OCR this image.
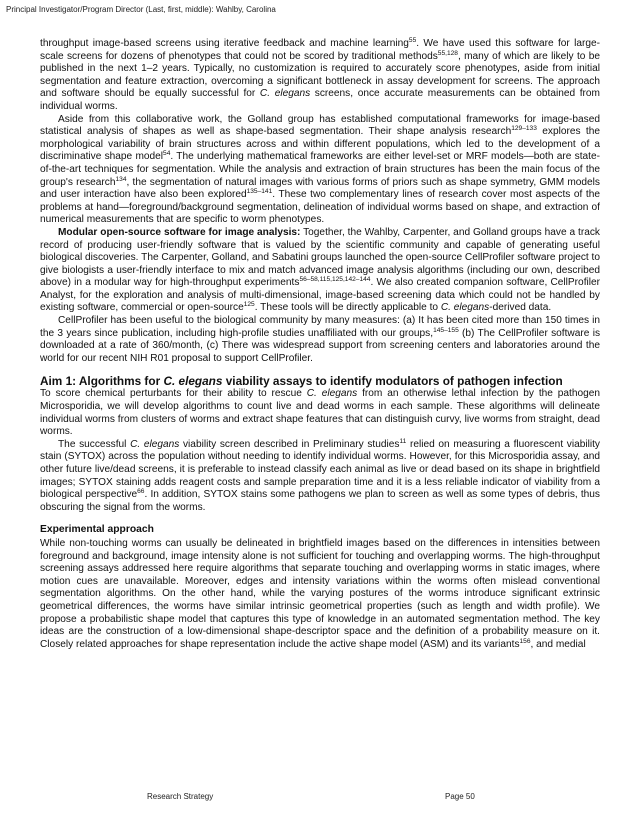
Principal Investigator/Program Director (Last, first, middle): Wahlby, Carolina

throughput image-based screens using iterative feedback and machine learning$^{55}$. We have used this software for large-scale screens for dozens of phenotypes that could not be scored by traditional methods$^{55,128}$, many of which are likely to be published in the next 1–2 years. Typically, no customization is required to accurately score phenotypes, aside from initial segmentation and feature extraction, overcoming a significant bottleneck in assay development for screens. The approach and software should be equally successful for C. elegans screens, once accurate measurements can be obtained from individual worms.

Aside from this collaborative work, the Golland group has established computational frameworks for image-based statistical analysis of shapes as well as shape-based segmentation. Their shape analysis research$^{129-133}$ explores the morphological variability of brain structures across and within different populations, which led to the development of a discriminative shape model$^{54}$. The underlying mathematical frameworks are either level-set or MRF models—both are state-of-the-art techniques for segmentation. While the analysis and extraction of brain structures has been the main focus of the group's research$^{134}$, the segmentation of natural images with various forms of priors such as shape symmetry, GMM models and user interaction have also been explored$^{135-141}$. These two complementary lines of research cover most aspects of the problems at hand—foreground/background segmentation, delineation of individual worms based on shape, and extraction of numerical measurements that are specific to worm phenotypes.

Modular open-source software for image analysis: Together, the Wahlby, Carpenter, and Golland groups have a track record of producing user-friendly software that is valued by the scientific community and capable of generating useful biological discoveries. The Carpenter, Golland, and Sabatini groups launched the open-source CellProfiler software project to give biologists a user-friendly interface to mix and match advanced image analysis algorithms (including our own, described above) in a modular way for high-throughput experiments$^{56-58,115,125,142-144}$. We also created companion software, CellProfiler Analyst, for the exploration and analysis of multi-dimensional, image-based screening data which could not be handled by existing software, commercial or open-source$^{125}$. These tools will be directly applicable to C. elegans-derived data.

CellProfiler has been useful to the biological community by many measures: (a) It has been cited more than 150 times in the 3 years since publication, including high-profile studies unaffiliated with our groups,$^{145-155}$ (b) The CellProfiler software is downloaded at a rate of 360/month, (c) There was widespread support from screening centers and laboratories around the world for our recent NIH R01 proposal to support CellProfiler.

Aim 1: Algorithms for C. elegans viability assays to identify modulators of pathogen infection

To score chemical perturbants for their ability to rescue C. elegans from an otherwise lethal infection by the pathogen Microsporidia, we will develop algorithms to count live and dead worms in each sample. These algorithms will delineate individual worms from clusters of worms and extract shape features that can distinguish curvy, live worms from straight, dead worms.

The successful C. elegans viability screen described in Preliminary studies$^{11}$ relied on measuring a fluorescent viability stain (SYTOX) across the population without needing to identify individual worms. However, for this Microsporidia assay, and other future live/dead screens, it is preferable to instead classify each animal as live or dead based on its shape in brightfield images; SYTOX staining adds reagent costs and sample preparation time and it is a less reliable indicator of viability from a biological perspective$^{66}$. In addition, SYTOX stains some pathogens we plan to screen as well as some types of debris, thus obscuring the signal from the worms.

Experimental approach

While non-touching worms can usually be delineated in brightfield images based on the differences in intensities between foreground and background, image intensity alone is not sufficient for touching and overlapping worms. The high-throughput screening assays addressed here require algorithms that separate touching and overlapping worms in static images, where motion cues are unavailable. Moreover, edges and intensity variations within the worms often mislead conventional segmentation algorithms. On the other hand, while the varying postures of the worms introduce significant extrinsic geometrical differences, the worms have similar intrinsic geometrical properties (such as length and width profile). We propose a probabilistic shape model that captures this type of knowledge in an automated segmentation method. The key ideas are the construction of a low-dimensional shape-descriptor space and the definition of a probability measure on it. Closely related approaches for shape representation include the active shape model (ASM) and its variants$^{156}$, and medial

Research Strategy	Page 50
